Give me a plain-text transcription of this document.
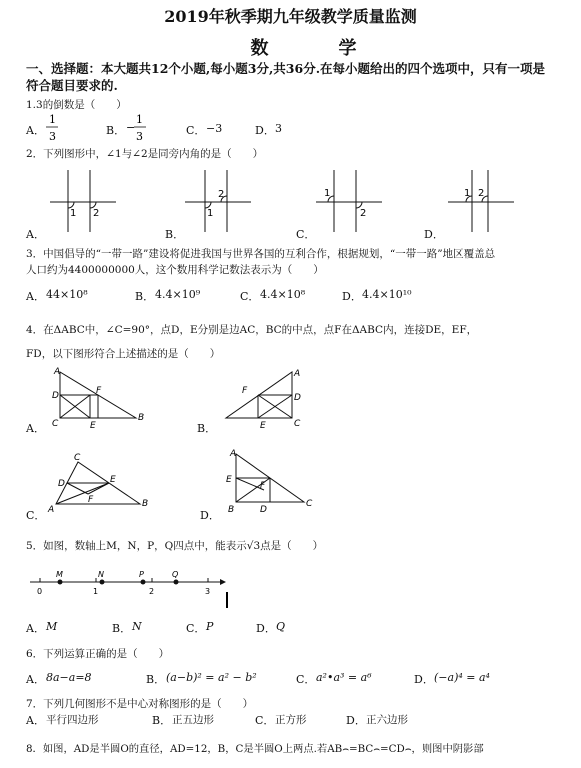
2019年秋季期九年级教学质量监测
数　学
一、选择题：本大题共12个小题,每小题3分,共36分.在每小题给出的四个选项中，只有一项是符合题目要求的.
1.3的倒数是（　　）
A．
1
3	B． −
1
3	C． −3	D． 3
2．下列图形中，∠1与∠2是同旁内角的是（　　）
1 2
A．
1
2
B．
1
2
C．
1 2
D．
3．中国倡导的“一带一路”建设将促进我国与世界各国的互利合作，根据规划，“一带一路”地区覆盖总
人口约为4400000000人，这个数用科学记数法表示为（　　）
A． 44×10⁸	B． 4.4×10⁹	C． 4.4×10⁸	D． 4.4×10¹⁰
4．在ΔABC中，∠C=90°，点D，E分别是边AC，BC的中点，点F在ΔABC内，连接DE，EF，
FD，以下图形符合上述描述的是（　　）
A
D
C	E
F
B
A．
A
F
D
E	C
B．
C
D	E
F
A
B
C．
A
E
F
B	D
C
D．
5．如图，数轴上M，N，P，Q四点中，能表示√3点是（　　）
M	N	P	Q
0	1	2	3
A． M	B． N	C． P	D． Q
6．下列运算正确的是（　　）
A． 8a−a=8	B． (a−b)² = a² − b²	C． a²•a³ = a⁶	D． (−a)⁴ = a⁴
7．下列几何图形不是中心对称图形的是（　　）
A． 平行四边形	B． 正五边形	C． 正方形	D． 正六边形
8．如图，AD是半圆O的直径，AD=12，B，C是半圆O上两点.若AB⌢=BC⌢=CD⌢，则图中阴影部
